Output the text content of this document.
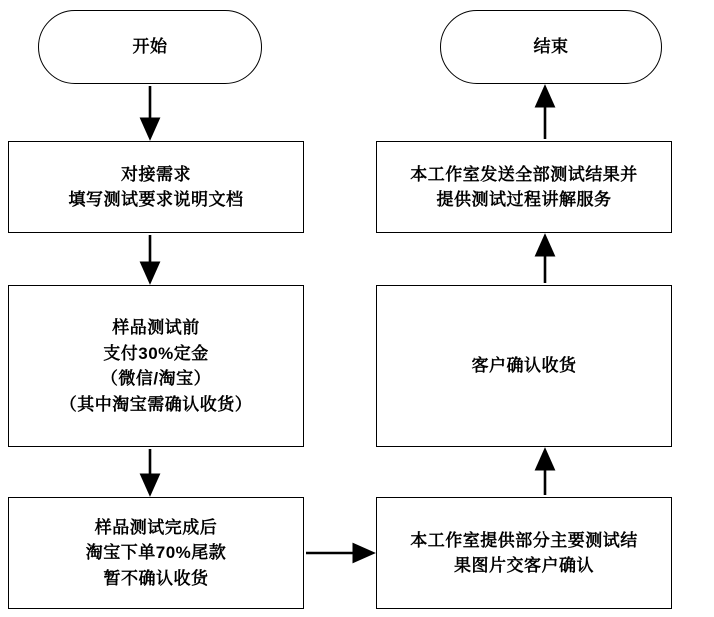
开始	结束
对接需求
填写测试要求说明文档
本工作室发送全部测试结果并
提供测试过程讲解服务
样品测试前
支付30%定金
（微信/淘宝）
（其中淘宝需确认收货）
客户确认收货
样品测试完成后
淘宝下单70%尾款
暂不确认收货
本工作室提供部分主要测试结
果图片交客户确认
